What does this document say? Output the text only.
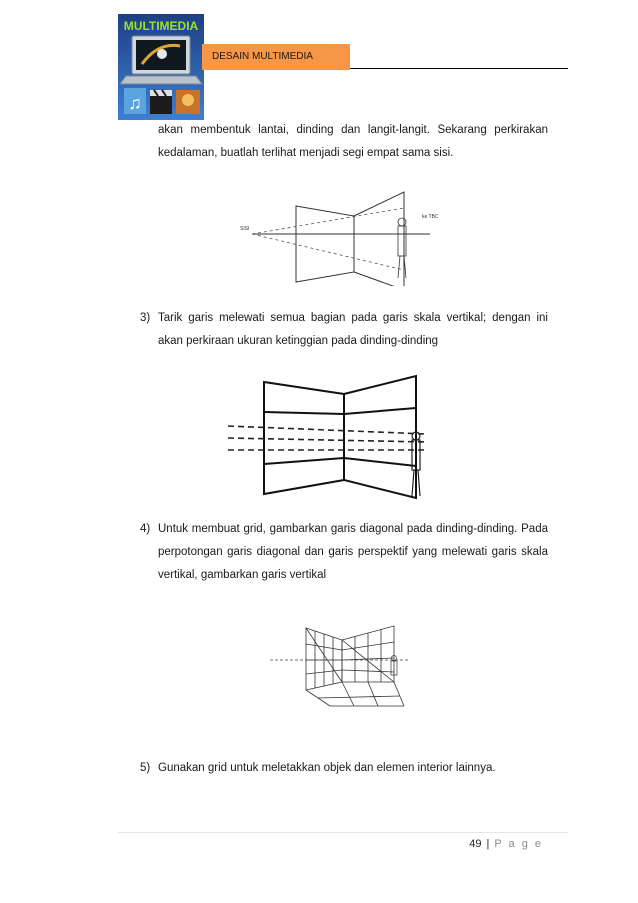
MULTIMEDIA
♫
DESAIN MULTIMEDIA

akan membentuk lantai, dinding dan langit-langit. Sekarang perkirakan kedalaman, buatlah terlihat menjadi segi empat sama sisi.

SISI
ke TBO
3) Tarik garis melewati semua bagian pada garis skala vertikal; dengan ini akan perkiraan ukuran ketinggian pada dinding-dinding

4) Untuk membuat grid, gambarkan garis diagonal pada dinding-dinding. Pada perpotongan garis diagonal dan garis perspektif yang melewati garis skala vertikal, gambarkan garis vertikal

5) Gunakan grid untuk meletakkan objek dan elemen interior lainnya.

49 | P a g e
